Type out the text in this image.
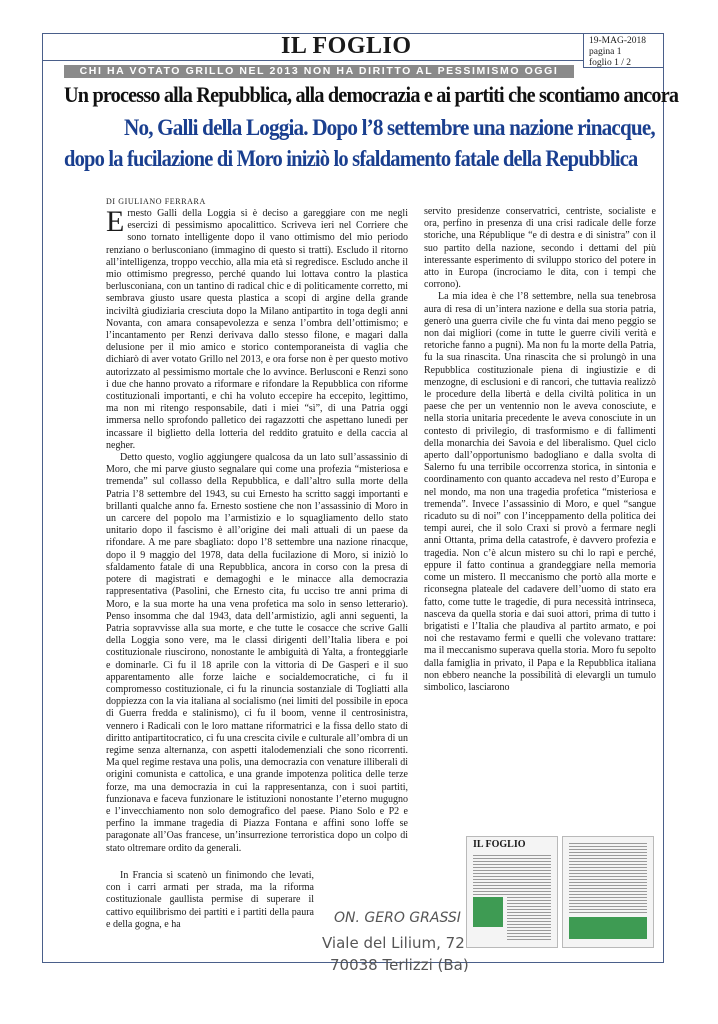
IL FOGLIO	19-MAG-2018
pagina 1
foglio 1 / 2
CHI HA VOTATO GRILLO NEL 2013 NON HA DIRITTO AL PESSIMISMO OGGI
Un processo alla Repubblica, alla democrazia e ai partiti che scontiamo ancora
No, Galli della Loggia. Dopo l’8 settembre una nazione rinacque,
dopo la fucilazione di Moro iniziò lo sfaldamento fatale della Repubblica
DI GIULIANO FERRARA

Ernesto Galli della Loggia si è deciso a gareggiare con me negli esercizi di pessimismo apocalittico. Scriveva ieri nel Corriere che sono tornato intelligente dopo il vano ottimismo del mio periodo renziano o berlusconiano (immagino di questo si tratti). Escludo il ritorno all’intelligenza, troppo vecchio, alla mia età si regredisce. Escludo anche il mio ottimismo pregresso, perché quando lui lottava contro la plastica berlusconiana, con un tantino di radical chic e di politicamente corretto, mi sembrava giusto usare questa plastica a scopi di argine della grande inciviltà giudiziaria cresciuta dopo la Milano antipartito in toga degli anni Novanta, con amara consapevolezza e senza l’ombra dell’ottimismo; e l’incantamento per Renzi derivava dallo stesso filone, e magari dalla delusione per il mio amico e storico contemporaneista di vaglia che dichiarò di aver votato Grillo nel 2013, e ora forse non è per questo motivo autorizzato al pessimismo mortale che lo avvince. Berlusconi e Renzi sono i due che hanno provato a riformare e rifondare la Repubblica con riforme costituzionali importanti, e chi ha voluto eccepire ha eccepito, legittimo, ma non mi ritengo responsabile, dati i miei “sì”, di una Patria oggi immersa nello sprofondo palletico dei ragazzotti che aspettano lunedì per incassare il biglietto della lotteria del reddito gratuito e della caccia al negher.

Detto questo, voglio aggiungere qualcosa da un lato sull’assassinio di Moro, che mi parve giusto segnalare qui come una profezia “misteriosa e tremenda” sul collasso della Repubblica, e dall’altro sulla morte della Patria l’8 settembre del 1943, su cui Ernesto ha scritto saggi importanti e brillanti qualche anno fa. Ernesto sostiene che non l’assassinio di Moro in un carcere del popolo ma l’armistizio e lo squagliamento dello stato unitario dopo il fascismo è all’origine dei mali attuali di un paese da rifondare. A me pare sbagliato: dopo l’8 settembre una nazione rinacque, dopo il 9 maggio del 1978, data della fucilazione di Moro, si iniziò lo sfaldamento fatale di una Repubblica, ancora in corso con la presa di potere di magistrati e demagoghi e le minacce alla democrazia rappresentativa (Pasolini, che Ernesto cita, fu ucciso tre anni prima di Moro, e la sua morte ha una vena profetica ma solo in senso letterario). Penso insomma che dal 1943, data dell’armistizio, agli anni seguenti, la Patria sopravvisse alla sua morte, e che tutte le cosacce che scrive Galli della Loggia sono vere, ma le classi dirigenti dell’Italia libera e poi costituzionale riuscirono, nonostante le ambiguità di Yalta, a fronteggiarle e dominarle. Ci fu il 18 aprile con la vittoria di De Gasperi e il suo apparentamento alle forze laiche e socialdemocratiche, ci fu il compromesso costituzionale, ci fu la rinuncia sostanziale di Togliatti alla doppiezza con la via italiana al socialismo (nei limiti del possibile in epoca di Guerra fredda e stalinismo), ci fu il boom, venne il centrosinistra, vennero i Radicali con le loro mattane riformatrici e la fissa dello stato di diritto antipartitocratico, ci fu una crescita civile e culturale all’ombra di un regime senza alternanza, con aspetti italodemenziali che sono ricorrenti. Ma quel regime restava una polis, una democrazia con venature illiberali di origini comunista e cattolica, e una grande impotenza politica delle terze forze, ma una democrazia in cui la rappresentanza, con i suoi partiti, funzionava e faceva funzionare le istituzioni nonostante l’eterno mugugno e l’invecchiamento non solo demografico del paese. Piano Solo e P2 e perfino la immane tragedia di Piazza Fontana e affini sono loffe se paragonate all’Oas francese, un’insurrezione terroristica dopo un colpo di stato oltremare ordito da generali.

In Francia si scatenò un finimondo che levati, con i carri armati per strada, ma la riforma costituzionale gaullista permise di superare il cattivo equilibrismo dei partiti e i partiti della paura e della gogna, e ha

servito presidenze conservatrici, centriste, socialiste e ora, perfino in presenza di una crisi radicale delle forze storiche, una République “e di destra e di sinistra” con il suo partito della nazione, secondo i dettami del più interessante esperimento di sviluppo storico del potere in atto in Europa (incrociamo le dita, con i tempi che corrono).

La mia idea è che l’8 settembre, nella sua tenebrosa aura di resa di un’intera nazione e della sua storia patria, generò una guerra civile che fu vinta dai meno peggio se non dai migliori (come in tutte le guerre civili verità e retoriche fanno a pugni). Ma non fu la morte della Patria, fu la sua rinascita. Una rinascita che si prolungò in una Repubblica costituzionale piena di ingiustizie e di menzogne, di esclusioni e di rancori, che tuttavia realizzò le procedure della libertà e della civiltà politica in un paese che per un ventennio non le aveva conosciute, e nella storia unitaria precedente le aveva conosciute in un contesto di privilegio, di trasformismo e di fallimenti della monarchia dei Savoia e del liberalismo. Quel ciclo aperto dall’opportunismo badogliano e dalla svolta di Salerno fu una terribile occorrenza storica, in sintonia e coordinamento con quanto accadeva nel resto d’Europa e nel mondo, ma non una tragedia profetica “misteriosa e tremenda”. Invece l’assassinio di Moro, e quel “sangue ricaduto su di noi” con l’inceppamento della politica dei tempi aurei, che il solo Craxi si provò a fermare negli anni Ottanta, prima della catastrofe, è davvero profezia e tragedia. Non c’è alcun mistero su chi lo rapì e perché, eppure il fatto continua a grandeggiare nella memoria come un mistero. Il meccanismo che portò alla morte e riconsegna plateale del cadavere dell’uomo di stato era fatto, come tutte le tragedie, di pura necessità intrinseca, nasceva da quella storia e dai suoi attori, prima di tutto i brigatisti e l’Italia che plaudiva al partito armato, e poi noi che restavamo fermi e quelli che volevano trattare: ma il meccanismo superava quella storia. Moro fu sepolto dalla famiglia in privato, il Papa e la Repubblica italiana non ebbero neanche la possibilità di elevargli un tumulo simbolico, lasciarono

IL FOGLIO
ON. GERO GRASSI
Viale del Lilium, 72
70038 Terlizzi (Ba)
